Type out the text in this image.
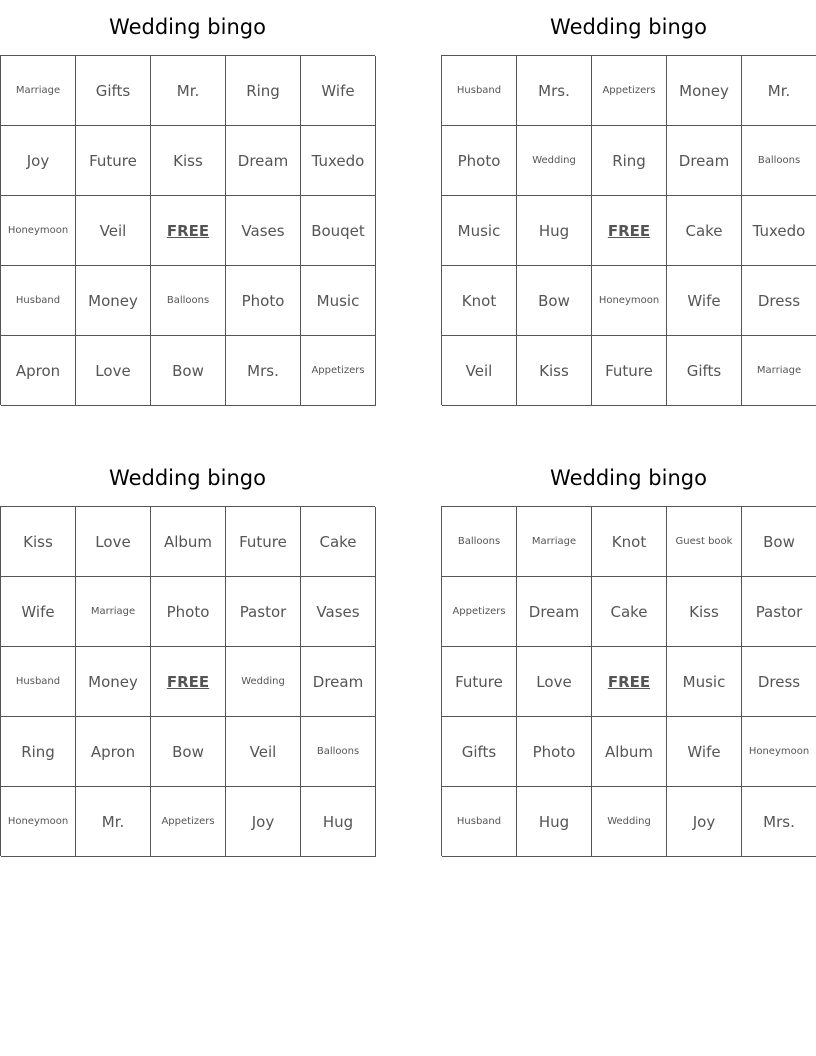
Wedding bingo
Marriage	Gifts	Mr.	Ring	Wife
Joy	Future	Kiss	Dream	Tuxedo
Honeymoon	Veil	FREE	Vases	Bouqet
Husband	Money	Balloons	Photo	Music
Apron	Love	Bow	Mrs.	Appetizers
Wedding bingo
Husband	Mrs.	Appetizers	Money	Mr.
Photo	Wedding	Ring	Dream	Balloons
Music	Hug	FREE	Cake	Tuxedo
Knot	Bow	Honeymoon	Wife	Dress
Veil	Kiss	Future	Gifts	Marriage
Wedding bingo
Kiss	Love	Album	Future	Cake
Wife	Marriage	Photo	Pastor	Vases
Husband	Money	FREE	Wedding	Dream
Ring	Apron	Bow	Veil	Balloons
Honeymoon	Mr.	Appetizers	Joy	Hug
Wedding bingo
Balloons	Marriage	Knot	Guest book	Bow
Appetizers	Dream	Cake	Kiss	Pastor
Future	Love	FREE	Music	Dress
Gifts	Photo	Album	Wife	Honeymoon
Husband	Hug	Wedding	Joy	Mrs.
